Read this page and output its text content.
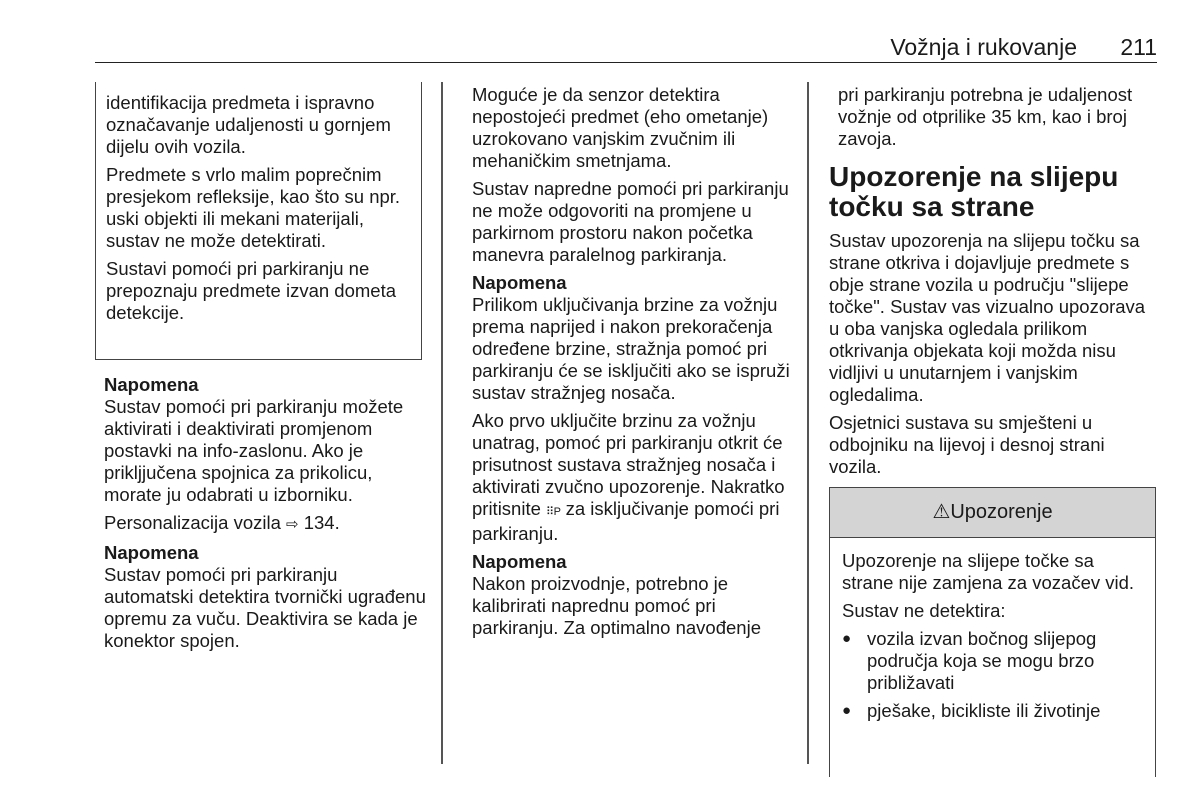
Vožnja i rukovanje 211

identifikacija predmeta i ispravno označavanje udaljenosti u gornjem dijelu ovih vozila.

Predmete s vrlo malim poprečnim presjekom refleksije, kao što su npr. uski objekti ili mekani materijali, sustav ne može detektirati.

Sustavi pomoći pri parkiranju ne prepoznaju predmete izvan dometa detekcije.

Napomena

Sustav pomoći pri parkiranju možete aktivirati i deaktivirati promjenom postavki na info-zaslonu. Ako je prikljjučena spojnica za prikolicu, morate ju odabrati u izborniku.

Personalizacija vozila ⇨ 134.

Napomena

Sustav pomoći pri parkiranju automatski detektira tvornički ugrađenu opremu za vuču. Deaktivira se kada je konektor spojen.

Moguće je da senzor detektira nepostojeći predmet (eho ometanje) uzrokovano vanjskim zvučnim ili mehaničkim smetnjama.

Sustav napredne pomoći pri parkiranju ne može odgovoriti na promjene u parkirnom prostoru nakon početka manevra paralelnog parkiranja.

Napomena

Prilikom uključivanja brzine za vožnju prema naprijed i nakon prekoračenja određene brzine, stražnja pomoć pri parkiranju će se isključiti ako se ispruži sustav stražnjeg nosača.

Ako prvo uključite brzinu za vožnju unatrag, pomoć pri parkiranju otkrit će prisutnost sustava stražnjeg nosača i aktivirati zvučno upozorenje. Nakratko pritisnite ⠿P za isključivanje pomoći pri parkiranju.

Napomena

Nakon proizvodnje, potrebno je kalibrirati naprednu pomoć pri parkiranju. Za optimalno navođenje

pri parkiranju potrebna je udaljenost vožnje od otprilike 35 km, kao i broj zavoja.

Upozorenje na slijepu točku sa strane

Sustav upozorenja na slijepu točku sa strane otkriva i dojavljuje predmete s obje strane vozila u području "slijepe točke". Sustav vas vizualno upozorava u oba vanjska ogledala prilikom otkrivanja objekata koji možda nisu vidljivi u unutarnjem i vanjskim ogledalima.

Osjetnici sustava su smješteni u odbojniku na lijevoj i desnoj strani vozila.

⚠Upozorenje

Upozorenje na slijepe točke sa strane nije zamjena za vozačev vid.

Sustav ne detektira:

● vozila izvan bočnog slijepog područja koja se mogu brzo približavati
● pješake, bicikliste ili životinje
